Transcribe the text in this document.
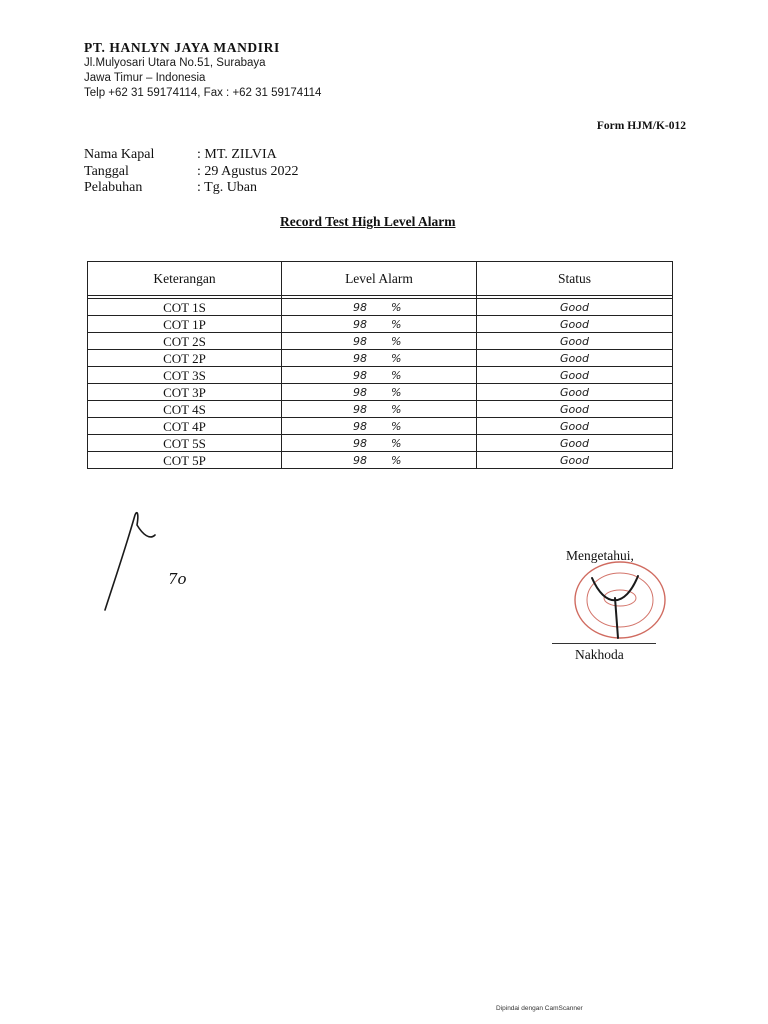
PT. HANLYN JAYA MANDIRI
Jl.Mulyosari Utara No.51, Surabaya
Jawa Timur – Indonesia
Telp +62 31 59174114, Fax : +62 31 59174114
Form HJM/K-012
Nama Kapal	: MT. ZILVIA
Tanggal	: 29 Agustus 2022
Pelabuhan	: Tg. Uban
Record Test High Level Alarm
Keterangan	Level Alarm	Status

COT 1S	98 %	Good
COT 1P	98 %	Good
COT 2S	98 %	Good
COT 2P	98 %	Good
COT 3S	98 %	Good
COT 3P	98 %	Good
COT 4S	98 %	Good
COT 4P	98 %	Good
COT 5S	98 %	Good
COT 5P	98 %	Good
7o
Mengetahui,
Nakhoda
Dipindai dengan CamScanner
